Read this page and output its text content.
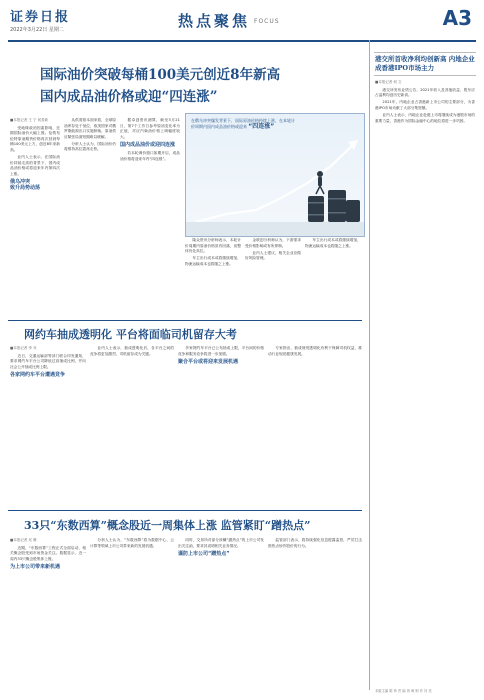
证券日报
2022年3月22日 星期二	热点聚焦 FOCUS	A3
国际油价突破每桶100美元创近8年新高
国内成品油价格或迎“四连涨”
■本报记者 王 宁 何善新

受地缘政治因素影响，近期国际油价大幅上涨。伦敦布伦特原油期货价格再次回到每桶100美元上方，创近8年来新高。

业内人士表示，在国际油价持续走高的背景下，国内成品油价格或将迎来年内第四次上涨。

俄乌冲突
致升局势动荡

从供需基本面来看，全球原油库存处于低位，欧美国家对俄罗斯能源出口实施制裁，原油供应紧张局面短期难以缓解。

分析人士认为，国际油价仍将维持高位震荡走势。

据卓创资讯测算，截至3月21日，第7个工作日参考原油变化率为正值，对应汽柴油价格上调幅度较大。

国内成品油价或迎四连涨

若本轮调价窗口如期开启，成品油价格将迎来年内“四连涨”。

在俄乌冲突爆发背景下，国际原油价格持续上涨，在本轮计价周期内国内成品油价格或迎来 “四连涨”

隆众资讯分析师表示，本轮计价周期内原油价格虽有回落，但整体仍处高位。

车主出行成本或将继续增加，物流运输成本也将随之上涨。

金联创分析师认为，下游需求受价格影响或有所抑制。

业内人士建议，相关企业应做好风险管理。

车主出行成本或将继续增加，物流运输成本也将随之上涨。

网约车抽成透明化 平台将面临司机留存大考
■本报记者 李 乔

近日，交通运输部等部门联合印发通知，要求网约车平台公司降低过高抽成比例，并向社会公开抽成比例上限。

各家网约车平台遭遇竞争

业内人士表示，抽成透明化后，各平台之间的竞争将更加激烈，司机留存成为关键。

多家网约车平台已公布抽成上限，平台间的价格竞争和服务竞争将进一步加剧。

聚合平台或将迎来发展机遇

专家指出，抽成规则透明化有利于保障司机权益，推动行业规范健康发展。

33只“东数西算”概念股近一周集体上涨 监管紧盯“蹭热点”
■本报记者 吴 珊

近期，“东数西算”工程正式全面启动，相关概念股受到市场资金关注。数据显示，近一周内33只概念股集体上涨。

为上市公司带来新机遇

分析人士认为，“东数西算”将为数据中心、云计算等领域上市公司带来新的发展机遇。

同时，交易所对部分涉嫌“蹭热点”的上市公司发出关注函，要求其说明相关业务情况。

谨防上市公司“蹭热点”

监管部门表示，将持续强化信息披露监管，严厉打击借热点炒作股价的行为。

港交所首收净利均创新高 内地企业成香港IPO市场主力
■本报记者 何 文

港交所发布业绩公告，2021年收入及其他收益、股东应占溢利均创历史新高。

2021年，内地企业占香港新上市公司的主要部分，为香港IPO市场贡献了大部分集资额。

业内人士表示，内地企业赴港上市将继续成为港股市场的重要力量，香港作为国际金融中心的地位将进一步巩固。

本版主编 陈 炜 责 编 刘 萌 制 作 闫 亮
